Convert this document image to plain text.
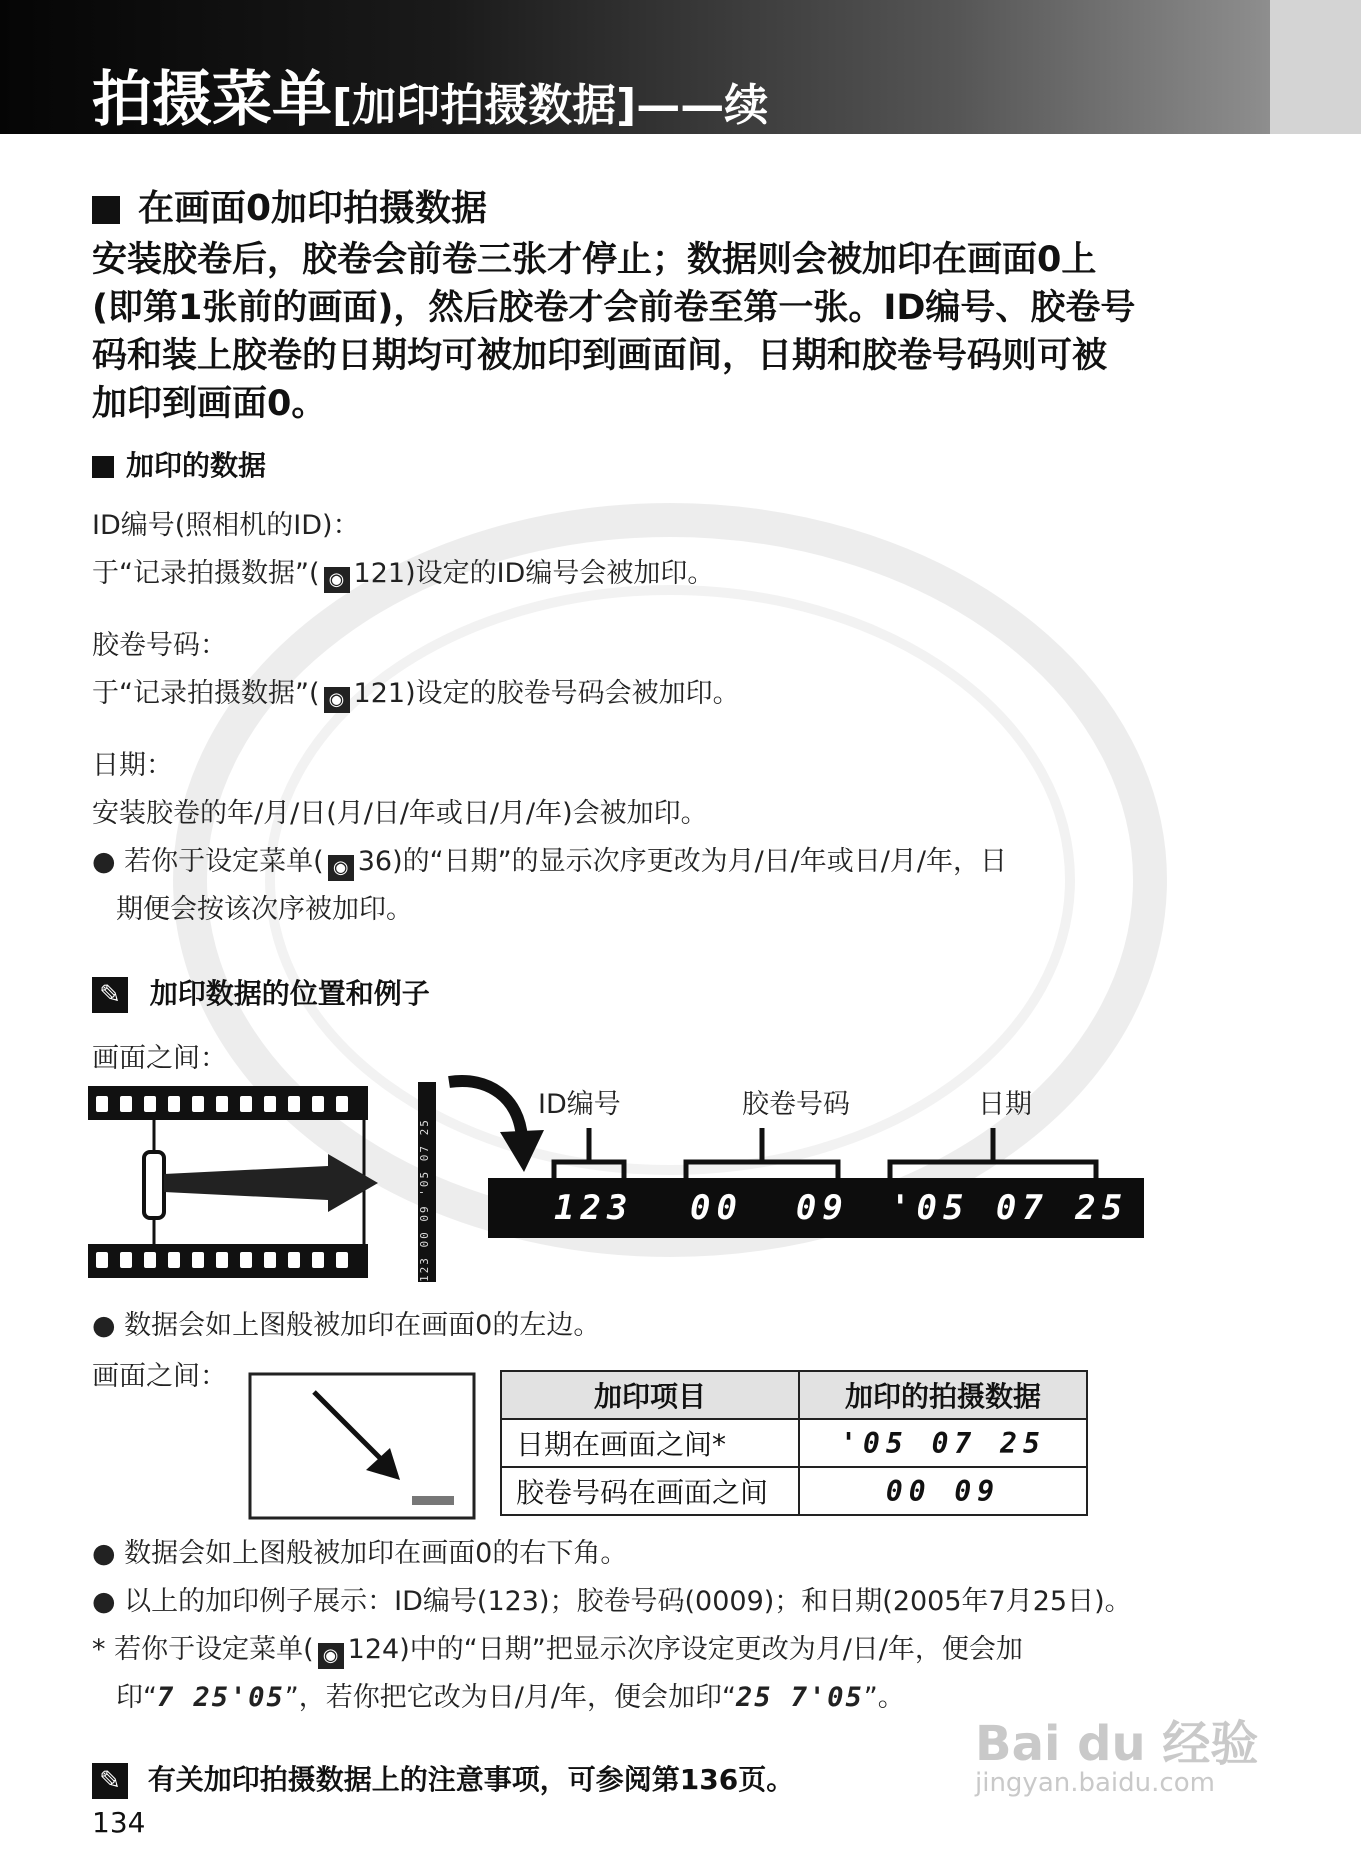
拍摄菜单[加印拍摄数据]——续
在画面0加印拍摄数据
安装胶卷后，胶卷会前卷三张才停止；数据则会被加印在画面0上
(即第1张前的画面)，然后胶卷才会前卷至第一张。ID编号、胶卷号
码和装上胶卷的日期均可被加印到画面间，日期和胶卷号码则可被
加印到画面0。
加印的数据
ID编号(照相机的ID)：
于“记录拍摄数据”( ◉ 121)设定的ID编号会被加印。
胶卷号码：
于“记录拍摄数据”( ◉ 121)设定的胶卷号码会被加印。
日期：
安装胶卷的年/月/日(月/日/年或日/月/年)会被加印。
● 若你于设定菜单( ◉ 36)的“日期”的显示次序更改为月/日/年或日/月/年，日
期便会按该次序被加印。
✎ 加印数据的位置和例子
画面之间：
123 00 09 '05 07 25
ID编号	胶卷号码	日期
123 00  09 '05 07 25
● 数据会如上图般被加印在画面0的左边。
画面之间：
加印项目	加印的拍摄数据
日期在画面之间*	'05 07 25
胶卷号码在画面之间	00 09
● 数据会如上图般被加印在画面0的右下角。
● 以上的加印例子展示：ID编号(123)；胶卷号码(0009)；和日期(2005年7月25日)。
* 若你于设定菜单( ◉ 124)中的“日期”把显示次序设定更改为月/日/年，便会加
印“7 25'05”，若你把它改为日/月/年，便会加印“25 7'05”。
✎ 有关加印拍摄数据上的注意事项，可参阅第136页。
134
Bai du 经验
jingyan.baidu.com
